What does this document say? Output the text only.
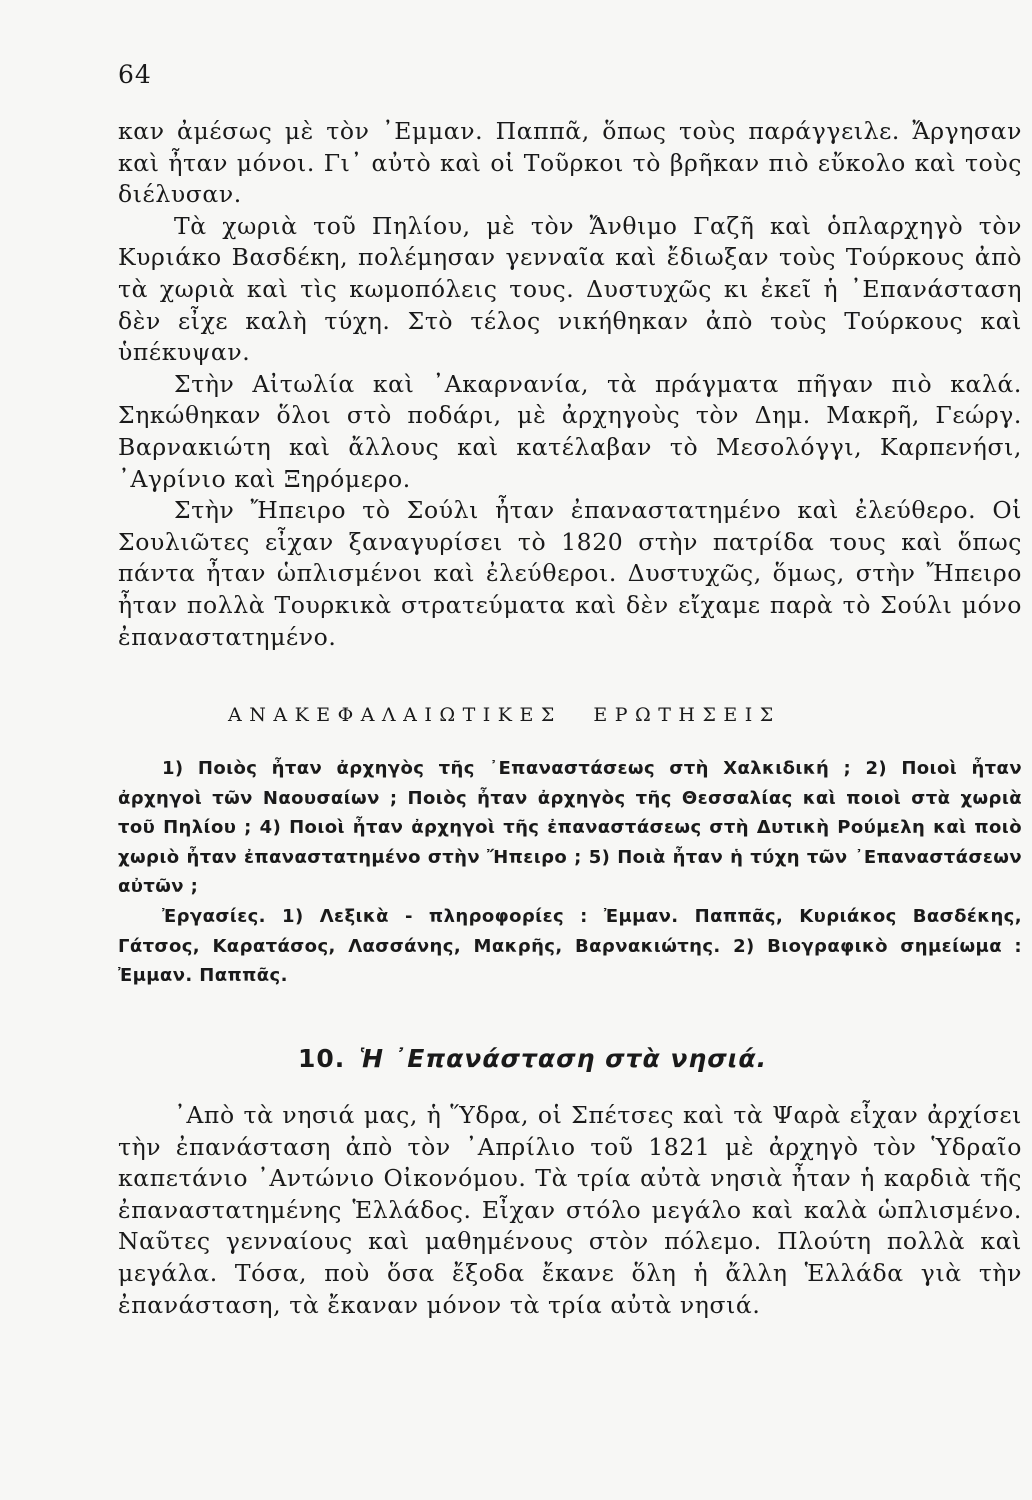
64

καν ἀμέσως μὲ τὸν ᾿Εμμαν. Παππᾶ, ὅπως τοὺς παράγγειλε. Ἄργησαν καὶ ἦταν μόνοι. Γι᾿ αὐτὸ καὶ οἱ Τοῦρκοι τὸ βρῆκαν πιὸ εὔκολο καὶ τοὺς διέλυσαν.

Τὰ χωριὰ τοῦ Πηλίου, μὲ τὸν Ἄνθιμο Γαζῆ καὶ ὁπλαρχηγὸ τὸν Κυριάκο Βασδέκη, πολέμησαν γενναῖα καὶ ἔδιωξαν τοὺς Τούρκους ἀπὸ τὰ χωριὰ καὶ τὶς κωμοπόλεις τους. Δυστυχῶς κι ἐκεῖ ἡ ᾿Επανάσταση δὲν εἶχε καλὴ τύχη. Στὸ τέλος νικήθηκαν ἀπὸ τοὺς Τούρκους καὶ ὑπέκυψαν.

Στὴν Αἰτωλία καὶ ᾿Ακαρνανία, τὰ πράγματα πῆγαν πιὸ καλά. Σηκώθηκαν ὅλοι στὸ ποδάρι, μὲ ἀρχηγοὺς τὸν Δημ. Μακρῆ, Γεώργ. Βαρνακιώτη καὶ ἄλλους καὶ κατέλαβαν τὸ Μεσολόγγι, Καρπενήσι, ᾿Αγρίνιο καὶ Ξηρόμερο.

Στὴν Ἤπειρο τὸ Σούλι ἦταν ἐπαναστατημένο καὶ ἐλεύθερο. Οἱ Σουλιῶτες εἶχαν ξαναγυρίσει τὸ 1820 στὴν πατρίδα τους καὶ ὅπως πάντα ἦταν ὡπλισμένοι καὶ ἐλεύθεροι. Δυστυχῶς, ὅμως, στὴν Ἤπειρο ἦταν πολλὰ Τουρκικὰ στρατεύματα καὶ δὲν εἴχαμε παρὰ τὸ Σούλι μόνο ἐπαναστατημένο.

ΑΝΑΚΕΦΑΛΑΙΩΤΙΚΕΣ ΕΡΩΤΗΣΕΙΣ

1) Ποιὸς ἦταν ἀρχηγὸς τῆς ᾿Επαναστάσεως στὴ Χαλκιδική ; 2) Ποιοὶ ἦταν ἀρχηγοὶ τῶν Ναουσαίων ; Ποιὸς ἦταν ἀρχηγὸς τῆς Θεσσαλίας καὶ ποιοὶ στὰ χωριὰ τοῦ Πηλίου ; 4) Ποιοὶ ἦταν ἀρχηγοὶ τῆς ἐπαναστάσεως στὴ Δυτικὴ Ρούμελη καὶ ποιὸ χωριὸ ἦταν ἐπαναστατημένο στὴν Ἤπειρο ; 5) Ποιὰ ἦταν ἡ τύχη τῶν ᾿Επαναστάσεων αὐτῶν ;

Ἐργασίες. 1) Λεξικὰ - πληροφορίες : Ἐμμαν. Παππᾶς, Κυριάκος Βασδέκης, Γάτσος, Καρατάσος, Λασσάνης, Μακρῆς, Βαρνακιώτης. 2) Βιογραφικὸ σημείωμα : Ἐμμαν. Παππᾶς.

10. Ἡ ᾿Επανάσταση στὰ νησιά.

᾿Απὸ τὰ νησιά μας, ἡ Ὕδρα, οἱ Σπέτσες καὶ τὰ Ψαρὰ εἶχαν ἀρχίσει τὴν ἐπανάσταση ἀπὸ τὸν ᾿Απρίλιο τοῦ 1821 μὲ ἀρχηγὸ τὸν Ὑδραῖο καπετάνιο ᾿Αντώνιο Οἰκονόμου. Τὰ τρία αὐτὰ νησιὰ ἦταν ἡ καρδιὰ τῆς ἐπαναστατημένης Ἑλλάδος. Εἶχαν στόλο μεγάλο καὶ καλὰ ὡπλισμένο. Ναῦτες γενναίους καὶ μαθημένους στὸν πόλεμο. Πλούτη πολλὰ καὶ μεγάλα. Τόσα, ποὺ ὅσα ἔξοδα ἔκανε ὅλη ἡ ἄλλη Ἑλλάδα γιὰ τὴν ἐπανάσταση, τὰ ἔκαναν μόνον τὰ τρία αὐτὰ νησιά.
